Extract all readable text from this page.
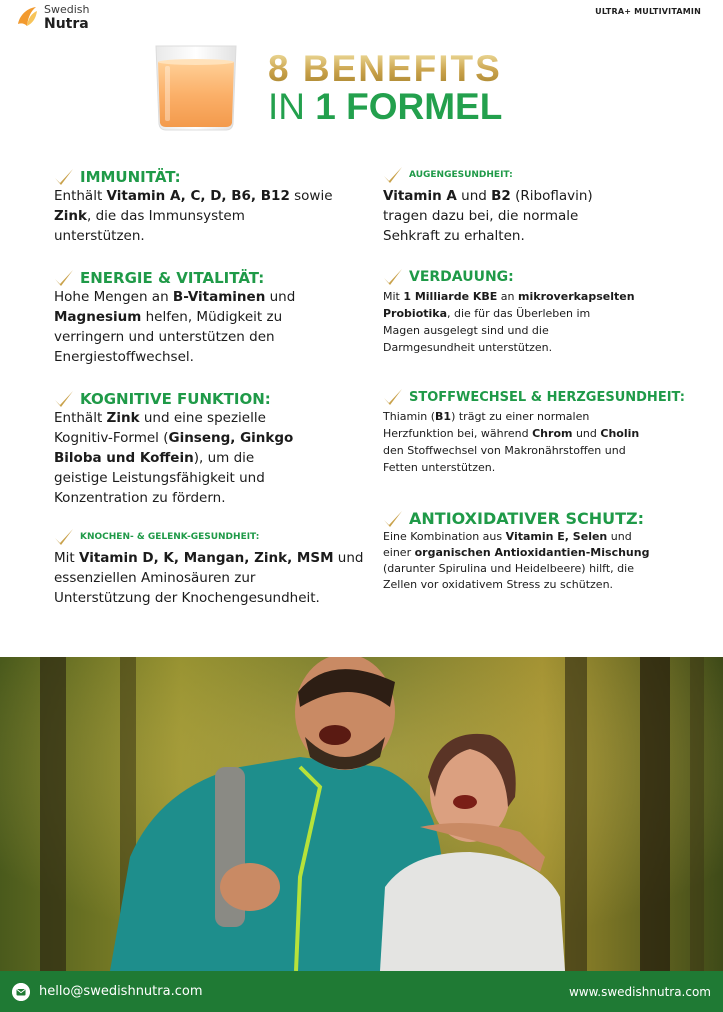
Swedish
Nutra
ULTRA+ MULTIVITAMIN
8 BENEFITS
IN 1 FORMEL
IMMUNITÄT:
Enthält Vitamin A, C, D, B6, B12 sowie
Zink, die das Immunsystem
unterstützen.
ENERGIE & VITALITÄT:
Hohe Mengen an B-Vitaminen und
Magnesium helfen, Müdigkeit zu
verringern und unterstützen den
Energiestoffwechsel.
KOGNITIVE FUNKTION:
Enthält Zink und eine spezielle
Kognitiv-Formel (Ginseng, Ginkgo
Biloba und Koffein), um die
geistige Leistungsfähigkeit und
Konzentration zu fördern.
KNOCHEN- & GELENK-GESUNDHEIT:
Mit Vitamin D, K, Mangan, Zink, MSM und
essenziellen Aminosäuren zur
Unterstützung der Knochengesundheit.
AUGENGESUNDHEIT:
Vitamin A und B2 (Riboflavin)
tragen dazu bei, die normale
Sehkraft zu erhalten.
VERDAUUNG:
Mit 1 Milliarde KBE an mikroverkapselten
Probiotika, die für das Überleben im
Magen ausgelegt sind und die
Darmgesundheit unterstützen.
STOFFWECHSEL & HERZGESUNDHEIT:
Thiamin (B1) trägt zu einer normalen
Herzfunktion bei, während Chrom und Cholin
den Stoffwechsel von Makronährstoffen und
Fetten unterstützen.
ANTIOXIDATIVER SCHUTZ:
Eine Kombination aus Vitamin E, Selen und
einer organischen Antioxidantien-Mischung
(darunter Spirulina und Heidelbeere) hilft, die
Zellen vor oxidativem Stress zu schützen.
hello@swedishnutra.com	www.swedishnutra.com
